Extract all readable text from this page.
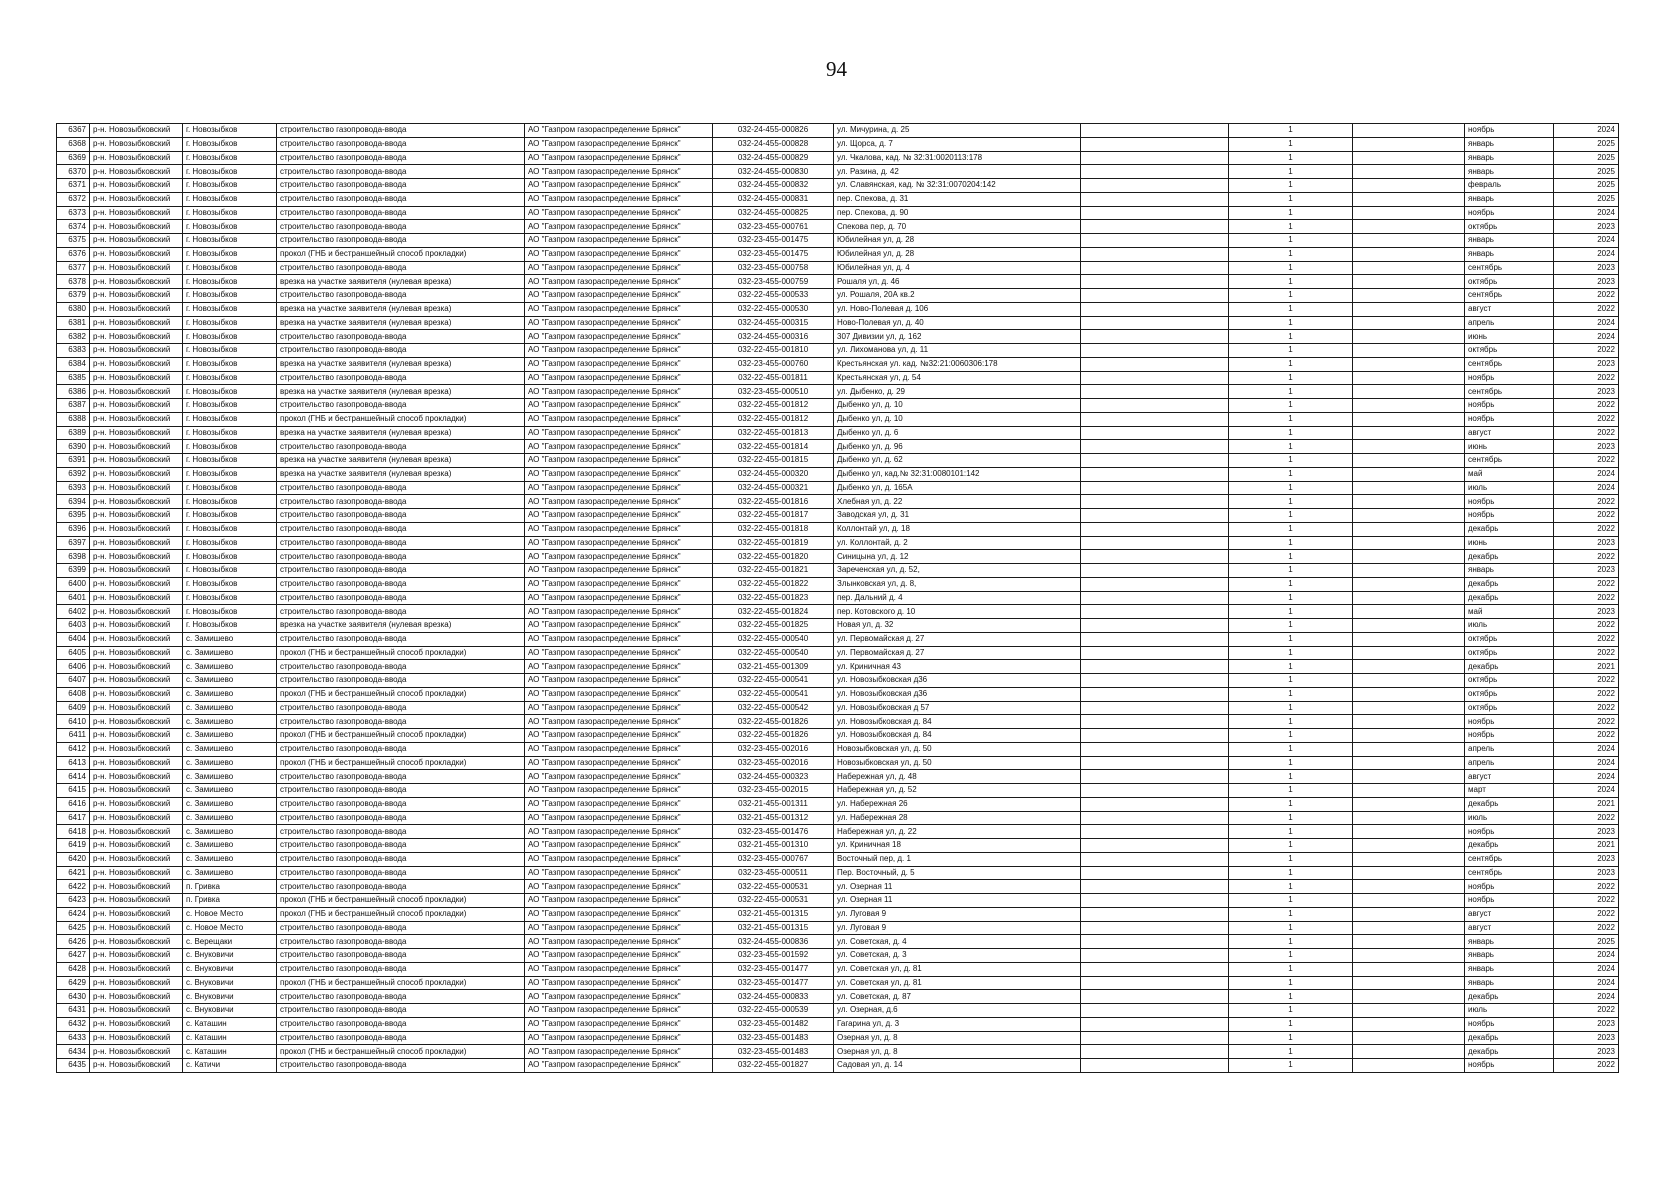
94
6367	р-н. Новозыбковский	г. Новозыбков	строительство газопровода-ввода	АО "Газпром газораспределение Брянск"	032-24-455-000826	ул. Мичурина, д. 25		1		ноябрь	2024
6368	р-н. Новозыбковский	г. Новозыбков	строительство газопровода-ввода	АО "Газпром газораспределение Брянск"	032-24-455-000828	ул. Щорса, д. 7		1		январь	2025
6369	р-н. Новозыбковский	г. Новозыбков	строительство газопровода-ввода	АО "Газпром газораспределение Брянск"	032-24-455-000829	ул. Чкалова, кад. № 32:31:0020113:178		1		январь	2025
6370	р-н. Новозыбковский	г. Новозыбков	строительство газопровода-ввода	АО "Газпром газораспределение Брянск"	032-24-455-000830	ул. Разина, д. 42		1		январь	2025
6371	р-н. Новозыбковский	г. Новозыбков	строительство газопровода-ввода	АО "Газпром газораспределение Брянск"	032-24-455-000832	ул. Славянская, кад. № 32:31:0070204:142		1		февраль	2025
6372	р-н. Новозыбковский	г. Новозыбков	строительство газопровода-ввода	АО "Газпром газораспределение Брянск"	032-24-455-000831	пер. Спекова, д. 31		1		январь	2025
6373	р-н. Новозыбковский	г. Новозыбков	строительство газопровода-ввода	АО "Газпром газораспределение Брянск"	032-24-455-000825	пер. Спекова, д. 90		1		ноябрь	2024
6374	р-н. Новозыбковский	г. Новозыбков	строительство газопровода-ввода	АО "Газпром газораспределение Брянск"	032-23-455-000761	Спекова пер, д. 70		1		октябрь	2023
6375	р-н. Новозыбковский	г. Новозыбков	строительство газопровода-ввода	АО "Газпром газораспределение Брянск"	032-23-455-001475	Юбилейная ул, д. 28		1		январь	2024
6376	р-н. Новозыбковский	г. Новозыбков	прокол (ГНБ и бестраншейный способ прокладки)	АО "Газпром газораспределение Брянск"	032-23-455-001475	Юбилейная ул, д. 28		1		январь	2024
6377	р-н. Новозыбковский	г. Новозыбков	строительство газопровода-ввода	АО "Газпром газораспределение Брянск"	032-23-455-000758	Юбилейная ул, д. 4		1		сентябрь	2023
6378	р-н. Новозыбковский	г. Новозыбков	врезка на участке заявителя (нулевая врезка)	АО "Газпром газораспределение Брянск"	032-23-455-000759	Рошаля ул, д. 46		1		октябрь	2023
6379	р-н. Новозыбковский	г. Новозыбков	строительство газопровода-ввода	АО "Газпром газораспределение Брянск"	032-22-455-000533	ул. Рошаля, 20А кв.2		1		сентябрь	2022
6380	р-н. Новозыбковский	г. Новозыбков	врезка на участке заявителя (нулевая врезка)	АО "Газпром газораспределение Брянск"	032-22-455-000530	ул. Ново-Полевая д. 106		1		август	2022
6381	р-н. Новозыбковский	г. Новозыбков	врезка на участке заявителя (нулевая врезка)	АО "Газпром газораспределение Брянск"	032-24-455-000315	Ново-Полевая ул, д. 40		1		апрель	2024
6382	р-н. Новозыбковский	г. Новозыбков	строительство газопровода-ввода	АО "Газпром газораспределение Брянск"	032-24-455-000316	307 Дивизии ул, д. 162		1		июнь	2024
6383	р-н. Новозыбковский	г. Новозыбков	строительство газопровода-ввода	АО "Газпром газораспределение Брянск"	032-22-455-001810	ул. Лихоманова ул, д. 11		1		октябрь	2022
6384	р-н. Новозыбковский	г. Новозыбков	врезка на участке заявителя (нулевая врезка)	АО "Газпром газораспределение Брянск"	032-23-455-000760	Крестьянская ул. кад. №32:21:0060306:178		1		сентябрь	2023
6385	р-н. Новозыбковский	г. Новозыбков	строительство газопровода-ввода	АО "Газпром газораспределение Брянск"	032-22-455-001811	Крестьянская ул, д. 54		1		ноябрь	2022
6386	р-н. Новозыбковский	г. Новозыбков	врезка на участке заявителя (нулевая врезка)	АО "Газпром газораспределение Брянск"	032-23-455-000510	ул. Дыбенко, д. 29		1		сентябрь	2023
6387	р-н. Новозыбковский	г. Новозыбков	строительство газопровода-ввода	АО "Газпром газораспределение Брянск"	032-22-455-001812	Дыбенко ул, д. 10		1		ноябрь	2022
6388	р-н. Новозыбковский	г. Новозыбков	прокол (ГНБ и бестраншейный способ прокладки)	АО "Газпром газораспределение Брянск"	032-22-455-001812	Дыбенко ул, д. 10		1		ноябрь	2022
6389	р-н. Новозыбковский	г. Новозыбков	врезка на участке заявителя (нулевая врезка)	АО "Газпром газораспределение Брянск"	032-22-455-001813	Дыбенко ул, д. 6		1		август	2022
6390	р-н. Новозыбковский	г. Новозыбков	строительство газопровода-ввода	АО "Газпром газораспределение Брянск"	032-22-455-001814	Дыбенко ул, д. 96		1		июнь	2023
6391	р-н. Новозыбковский	г. Новозыбков	врезка на участке заявителя (нулевая врезка)	АО "Газпром газораспределение Брянск"	032-22-455-001815	Дыбенко ул, д. 62		1		сентябрь	2022
6392	р-н. Новозыбковский	г. Новозыбков	врезка на участке заявителя (нулевая врезка)	АО "Газпром газораспределение Брянск"	032-24-455-000320	Дыбенко ул, кад.№ 32:31:0080101:142		1		май	2024
6393	р-н. Новозыбковский	г. Новозыбков	строительство газопровода-ввода	АО "Газпром газораспределение Брянск"	032-24-455-000321	Дыбенко ул, д. 165А		1		июль	2024
6394	р-н. Новозыбковский	г. Новозыбков	строительство газопровода-ввода	АО "Газпром газораспределение Брянск"	032-22-455-001816	Хлебная ул, д. 22		1		ноябрь	2022
6395	р-н. Новозыбковский	г. Новозыбков	строительство газопровода-ввода	АО "Газпром газораспределение Брянск"	032-22-455-001817	Заводская ул, д. 31		1		ноябрь	2022
6396	р-н. Новозыбковский	г. Новозыбков	строительство газопровода-ввода	АО "Газпром газораспределение Брянск"	032-22-455-001818	Коллонтай ул, д. 18		1		декабрь	2022
6397	р-н. Новозыбковский	г. Новозыбков	строительство газопровода-ввода	АО "Газпром газораспределение Брянск"	032-22-455-001819	ул. Коллонтай, д. 2		1		июнь	2023
6398	р-н. Новозыбковский	г. Новозыбков	строительство газопровода-ввода	АО "Газпром газораспределение Брянск"	032-22-455-001820	Синицына ул, д. 12		1		декабрь	2022
6399	р-н. Новозыбковский	г. Новозыбков	строительство газопровода-ввода	АО "Газпром газораспределение Брянск"	032-22-455-001821	Зареченская ул, д. 52,		1		январь	2023
6400	р-н. Новозыбковский	г. Новозыбков	строительство газопровода-ввода	АО "Газпром газораспределение Брянск"	032-22-455-001822	Злынковская ул, д. 8,		1		декабрь	2022
6401	р-н. Новозыбковский	г. Новозыбков	строительство газопровода-ввода	АО "Газпром газораспределение Брянск"	032-22-455-001823	пер. Дальний д. 4		1		декабрь	2022
6402	р-н. Новозыбковский	г. Новозыбков	строительство газопровода-ввода	АО "Газпром газораспределение Брянск"	032-22-455-001824	пер. Котовского д. 10		1		май	2023
6403	р-н. Новозыбковский	г. Новозыбков	врезка на участке заявителя (нулевая врезка)	АО "Газпром газораспределение Брянск"	032-22-455-001825	Новая ул, д. 32		1		июль	2022
6404	р-н. Новозыбковский	с. Замишево	строительство газопровода-ввода	АО "Газпром газораспределение Брянск"	032-22-455-000540	ул. Первомайская д. 27		1		октябрь	2022
6405	р-н. Новозыбковский	с. Замишево	прокол (ГНБ и бестраншейный способ прокладки)	АО "Газпром газораспределение Брянск"	032-22-455-000540	ул. Первомайская д. 27		1		октябрь	2022
6406	р-н. Новозыбковский	с. Замишево	строительство газопровода-ввода	АО "Газпром газораспределение Брянск"	032-21-455-001309	ул. Криничная 43		1		декабрь	2021
6407	р-н. Новозыбковский	с. Замишево	строительство газопровода-ввода	АО "Газпром газораспределение Брянск"	032-22-455-000541	ул. Новозыбковская д36		1		октябрь	2022
6408	р-н. Новозыбковский	с. Замишево	прокол (ГНБ и бестраншейный способ прокладки)	АО "Газпром газораспределение Брянск"	032-22-455-000541	ул. Новозыбковская д36		1		октябрь	2022
6409	р-н. Новозыбковский	с. Замишево	строительство газопровода-ввода	АО "Газпром газораспределение Брянск"	032-22-455-000542	ул. Новозыбковская д 57		1		октябрь	2022
6410	р-н. Новозыбковский	с. Замишево	строительство газопровода-ввода	АО "Газпром газораспределение Брянск"	032-22-455-001826	ул. Новозыбковская д. 84		1		ноябрь	2022
6411	р-н. Новозыбковский	с. Замишево	прокол (ГНБ и бестраншейный способ прокладки)	АО "Газпром газораспределение Брянск"	032-22-455-001826	ул. Новозыбковская д. 84		1		ноябрь	2022
6412	р-н. Новозыбковский	с. Замишево	строительство газопровода-ввода	АО "Газпром газораспределение Брянск"	032-23-455-002016	Новозыбковская ул, д. 50		1		апрель	2024
6413	р-н. Новозыбковский	с. Замишево	прокол (ГНБ и бестраншейный способ прокладки)	АО "Газпром газораспределение Брянск"	032-23-455-002016	Новозыбковская ул, д. 50		1		апрель	2024
6414	р-н. Новозыбковский	с. Замишево	строительство газопровода-ввода	АО "Газпром газораспределение Брянск"	032-24-455-000323	Набережная ул, д. 48		1		август	2024
6415	р-н. Новозыбковский	с. Замишево	строительство газопровода-ввода	АО "Газпром газораспределение Брянск"	032-23-455-002015	Набережная ул, д. 52		1		март	2024
6416	р-н. Новозыбковский	с. Замишево	строительство газопровода-ввода	АО "Газпром газораспределение Брянск"	032-21-455-001311	ул. Набережная 26		1		декабрь	2021
6417	р-н. Новозыбковский	с. Замишево	строительство газопровода-ввода	АО "Газпром газораспределение Брянск"	032-21-455-001312	ул. Набережная 28		1		июль	2022
6418	р-н. Новозыбковский	с. Замишево	строительство газопровода-ввода	АО "Газпром газораспределение Брянск"	032-23-455-001476	Набережная ул, д. 22		1		ноябрь	2023
6419	р-н. Новозыбковский	с. Замишево	строительство газопровода-ввода	АО "Газпром газораспределение Брянск"	032-21-455-001310	ул. Криничная 18		1		декабрь	2021
6420	р-н. Новозыбковский	с. Замишево	строительство газопровода-ввода	АО "Газпром газораспределение Брянск"	032-23-455-000767	Восточный пер, д. 1		1		сентябрь	2023
6421	р-н. Новозыбковский	с. Замишево	строительство газопровода-ввода	АО "Газпром газораспределение Брянск"	032-23-455-000511	Пер. Восточный, д. 5		1		сентябрь	2023
6422	р-н. Новозыбковский	п. Гривка	строительство газопровода-ввода	АО "Газпром газораспределение Брянск"	032-22-455-000531	ул. Озерная 11		1		ноябрь	2022
6423	р-н. Новозыбковский	п. Гривка	прокол (ГНБ и бестраншейный способ прокладки)	АО "Газпром газораспределение Брянск"	032-22-455-000531	ул. Озерная 11		1		ноябрь	2022
6424	р-н. Новозыбковский	с. Новое Место	прокол (ГНБ и бестраншейный способ прокладки)	АО "Газпром газораспределение Брянск"	032-21-455-001315	ул. Луговая 9		1		август	2022
6425	р-н. Новозыбковский	с. Новое Место	строительство газопровода-ввода	АО "Газпром газораспределение Брянск"	032-21-455-001315	ул. Луговая 9		1		август	2022
6426	р-н. Новозыбковский	с. Верещаки	строительство газопровода-ввода	АО "Газпром газораспределение Брянск"	032-24-455-000836	ул. Советская, д. 4		1		январь	2025
6427	р-н. Новозыбковский	с. Внуковичи	строительство газопровода-ввода	АО "Газпром газораспределение Брянск"	032-23-455-001592	ул. Советская, д. 3		1		январь	2024
6428	р-н. Новозыбковский	с. Внуковичи	строительство газопровода-ввода	АО "Газпром газораспределение Брянск"	032-23-455-001477	ул. Советская ул, д. 81		1		январь	2024
6429	р-н. Новозыбковский	с. Внуковичи	прокол (ГНБ и бестраншейный способ прокладки)	АО "Газпром газораспределение Брянск"	032-23-455-001477	ул. Советская ул, д. 81		1		январь	2024
6430	р-н. Новозыбковский	с. Внуковичи	строительство газопровода-ввода	АО "Газпром газораспределение Брянск"	032-24-455-000833	ул. Советская, д. 87		1		декабрь	2024
6431	р-н. Новозыбковский	с. Внуковичи	строительство газопровода-ввода	АО "Газпром газораспределение Брянск"	032-22-455-000539	ул. Озерная, д.6		1		июль	2022
6432	р-н. Новозыбковский	с. Каташин	строительство газопровода-ввода	АО "Газпром газораспределение Брянск"	032-23-455-001482	Гагарина ул, д. 3		1		ноябрь	2023
6433	р-н. Новозыбковский	с. Каташин	строительство газопровода-ввода	АО "Газпром газораспределение Брянск"	032-23-455-001483	Озерная ул, д. 8		1		декабрь	2023
6434	р-н. Новозыбковский	с. Каташин	прокол (ГНБ и бестраншейный способ прокладки)	АО "Газпром газораспределение Брянск"	032-23-455-001483	Озерная ул, д. 8		1		декабрь	2023
6435	р-н. Новозыбковский	с. Катичи	строительство газопровода-ввода	АО "Газпром газораспределение Брянск"	032-22-455-001827	Садовая ул, д. 14		1		ноябрь	2022
